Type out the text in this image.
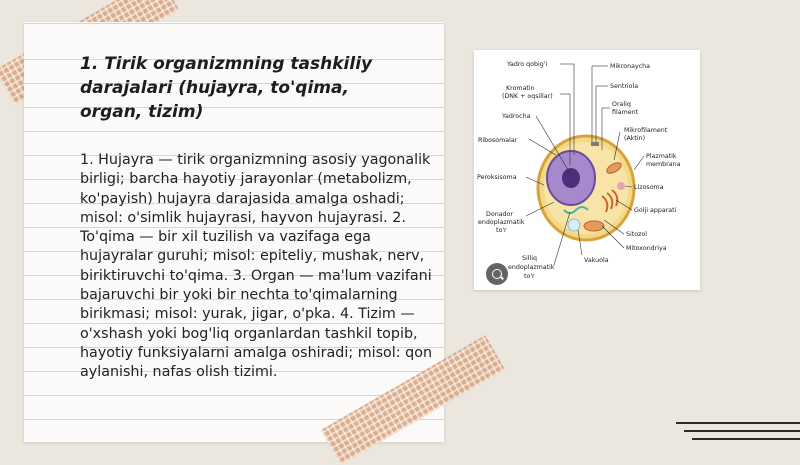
1. Tirik organizmning tashkiliy darajalari (hujayra, to'qima, organ, tizim)

1. Hujayra — tirik organizmning asosiy yagonalik birligi; barcha hayotiy jarayonlar (metabolizm, ko'payish) hujayra darajasida amalga oshadi; misol: o'simlik hujayrasi, hayvon hujayrasi. 2. To'qima — bir xil tuzilish va vazifaga ega hujayralar guruhi; misol: epiteliy, mushak, nerv, biriktiruvchi to'qima. 3. Organ — ma'lum vazifani bajaruvchi bir yoki bir nechta to'qimalarning birikmasi; misol: yurak, jigar, o'pka. 4. Tizim — o'xshash yoki bog'liq organlardan tashkil topib, hayotiy funksiyalarni amalga oshiradi; misol: qon aylanishi, nafas olish tizimi.

Yadro qobig'i
Kromatin
(DNK + oqsillar)
Yadrocha
Ribosomalar
Peroksisoma
Donador
endoplazmatik
to'r
Silliq
endoplazmatik
to'r
Vakuola
Mikronaycha
Sentriola
Oraliq
filament
Mikrofilament
(Aktin)
Plazmatik
membrana
Lizosoma
Golji apparati
Sitozol
Mitoxondriya
